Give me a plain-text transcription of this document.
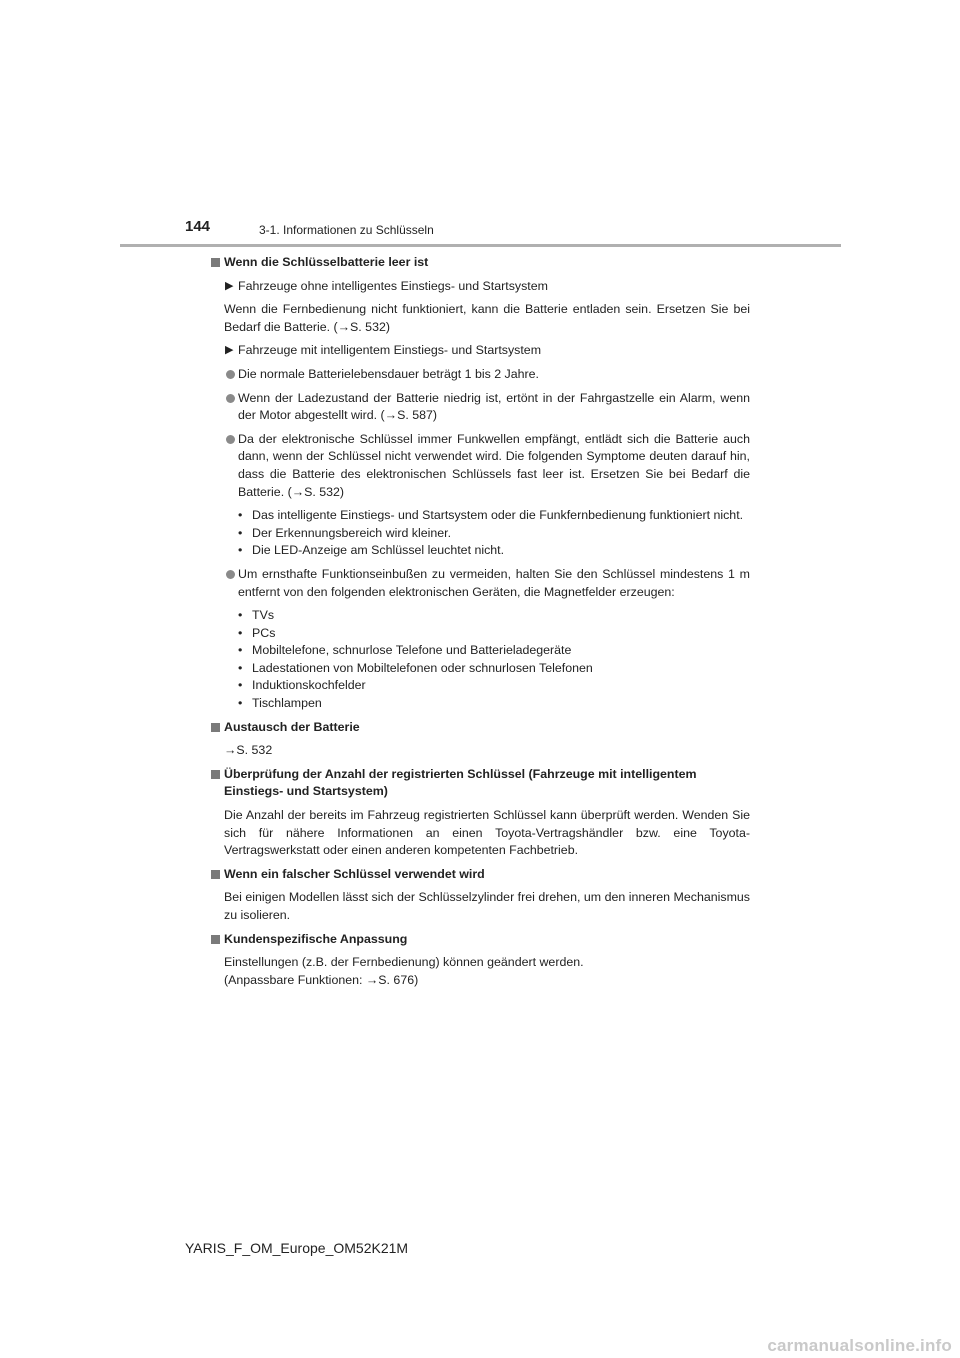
144	3-1. Informationen zu Schlüsseln
Wenn die Schlüsselbatterie leer ist
▶ Fahrzeuge ohne intelligentes Einstiegs- und Startsystem
Wenn die Fernbedienung nicht funktioniert, kann die Batterie entladen sein. Ersetzen Sie bei Bedarf die Batterie. (→S. 532)
▶ Fahrzeuge mit intelligentem Einstiegs- und Startsystem
Die normale Batterielebensdauer beträgt 1 bis 2 Jahre.
Wenn der Ladezustand der Batterie niedrig ist, ertönt in der Fahrgastzelle ein Alarm, wenn der Motor abgestellt wird. (→S. 587)
Da der elektronische Schlüssel immer Funkwellen empfängt, entlädt sich die Batterie auch dann, wenn der Schlüssel nicht verwendet wird. Die folgenden Symptome deuten darauf hin, dass die Batterie des elektronischen Schlüssels fast leer ist. Ersetzen Sie bei Bedarf die Batterie. (→S. 532)
• Das intelligente Einstiegs- und Startsystem oder die Funkfernbedienung funktioniert nicht.
• Der Erkennungsbereich wird kleiner.
• Die LED-Anzeige am Schlüssel leuchtet nicht.
Um ernsthafte Funktionseinbußen zu vermeiden, halten Sie den Schlüssel mindestens 1 m entfernt von den folgenden elektronischen Geräten, die Magnetfelder erzeugen:
• TVs
• PCs
• Mobiltelefone, schnurlose Telefone und Batterieladegeräte
• Ladestationen von Mobiltelefonen oder schnurlosen Telefonen
• Induktionskochfelder
• Tischlampen
Austausch der Batterie
→S. 532
Überprüfung der Anzahl der registrierten Schlüssel (Fahrzeuge mit intelligentem Einstiegs- und Startsystem)
Die Anzahl der bereits im Fahrzeug registrierten Schlüssel kann überprüft werden. Wenden Sie sich für nähere Informationen an einen Toyota-Vertragshändler bzw. eine Toyota-Vertragswerkstatt oder einen anderen kompetenten Fachbetrieb.
Wenn ein falscher Schlüssel verwendet wird
Bei einigen Modellen lässt sich der Schlüsselzylinder frei drehen, um den inneren Mechanismus zu isolieren.
Kundenspezifische Anpassung
Einstellungen (z.B. der Fernbedienung) können geändert werden.
(Anpassbare Funktionen: →S. 676)
YARIS_F_OM_Europe_OM52K21M
carmanualsonline.info
